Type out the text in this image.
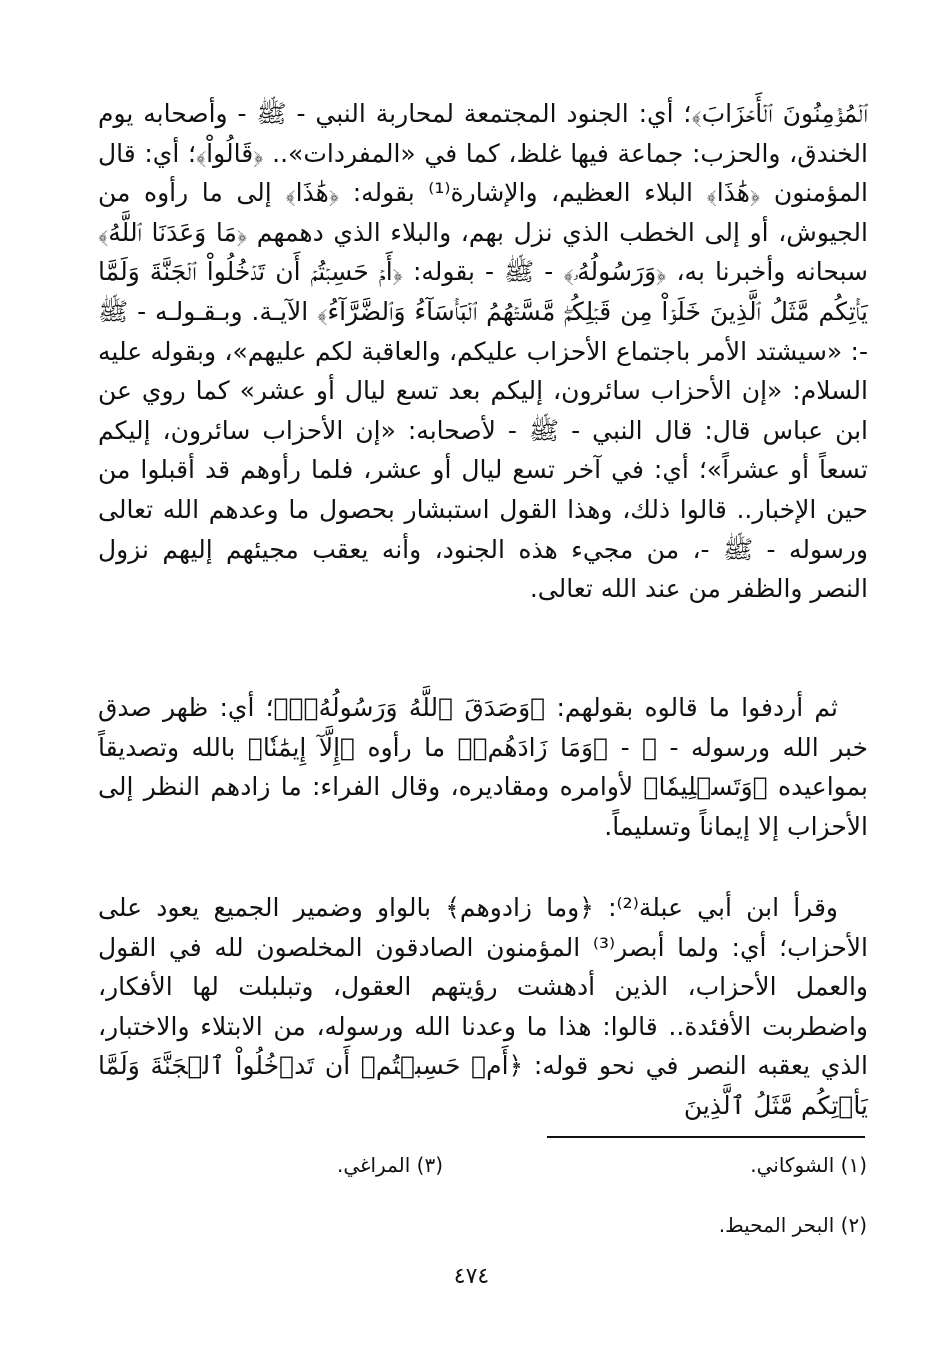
ٱلۡمُؤۡمِنُونَ ٱلۡأَحۡزَابَ﴾؛ أي: الجنود المجتمعة لمحاربة النبي - ﷺ - وأصحابه يوم الخندق، والحزب: جماعة فيها غلظ، كما في «المفردات».. ﴿قَالُواْ﴾؛ أي: قال المؤمنون ﴿هَٰذَا﴾ البلاء العظيم، والإشارة⁽¹⁾ بقوله: ﴿هَٰذَا﴾ إلى ما رأوه من الجيوش، أو إلى الخطب الذي نزل بهم، والبلاء الذي دهمهم ﴿مَا وَعَدَنَا ٱللَّهُ﴾ سبحانه وأخبرنا به، ﴿وَرَسُولُهُۥ﴾ - ﷺ - بقوله: ﴿أَمۡ حَسِبۡتُمۡ أَن تَدۡخُلُواْ ٱلۡجَنَّةَ وَلَمَّا يَأۡتِكُم مَّثَلُ ٱلَّذِينَ خَلَوۡاْ مِن قَبۡلِكُمۖ مَّسَّتۡهُمُ ٱلۡبَأۡسَآءُ وَٱلضَّرَّآءُ﴾ الآيـة. وبـقـولـه - ﷺ -: «سيشتد الأمر باجتماع الأحزاب عليكم، والعاقبة لكم عليهم»، وبقوله عليه السلام: «إن الأحزاب سائرون، إليكم بعد تسع ليال أو عشر» كما روي عن ابن عباس قال: قال النبي - ﷺ - لأصحابه: «إن الأحزاب سائرون، إليكم تسعاً أو عشراً»؛ أي: في آخر تسع ليال أو عشر، فلما رأوهم قد أقبلوا من حين الإخبار.. قالوا ذلك، وهذا القول استبشار بحصول ما وعدهم الله تعالى ورسوله - ﷺ -، من مجيء هذه الجنود، وأنه يعقب مجيئهم إليهم نزول النصر والظفر من عند الله تعالى.

ثم أردفوا ما قالوه بقولهم: ﴿وَصَدَقَ ٱللَّهُ وَرَسُولُهُۥۚ﴾؛ أي: ظهر صدق خبر الله ورسوله - ﷺ - ﴿وَمَا زَادَهُمۡ﴾ ما رأوه ﴿إِلَّآ إِيمَٰنٗا﴾ بالله وتصديقاً بمواعيده ﴿وَتَسۡلِيمٗا﴾ لأوامره ومقاديره، وقال الفراء: ما زادهم النظر إلى الأحزاب إلا إيماناً وتسليماً.

وقرأ ابن أبي عبلة⁽²⁾: ﴿وما زادوهم﴾ بالواو وضمير الجميع يعود على الأحزاب؛ أي: ولما أبصر⁽³⁾ المؤمنون الصادقون المخلصون لله في القول والعمل الأحزاب، الذين أدهشت رؤيتهم العقول، وتبلبلت لها الأفكار، واضطربت الأفئدة.. قالوا: هذا ما وعدنا الله ورسوله، من الابتلاء والاختبار، الذي يعقبه النصر في نحو قوله: ﴿أَمۡ حَسِبۡتُمۡ أَن تَدۡخُلُواْ ٱلۡجَنَّةَ وَلَمَّا يَأۡتِكُم مَّثَلُ ٱلَّذِينَ

(١) الشوكاني.
(٣) المراغي.
(٢) البحر المحيط.
٤٧٤
